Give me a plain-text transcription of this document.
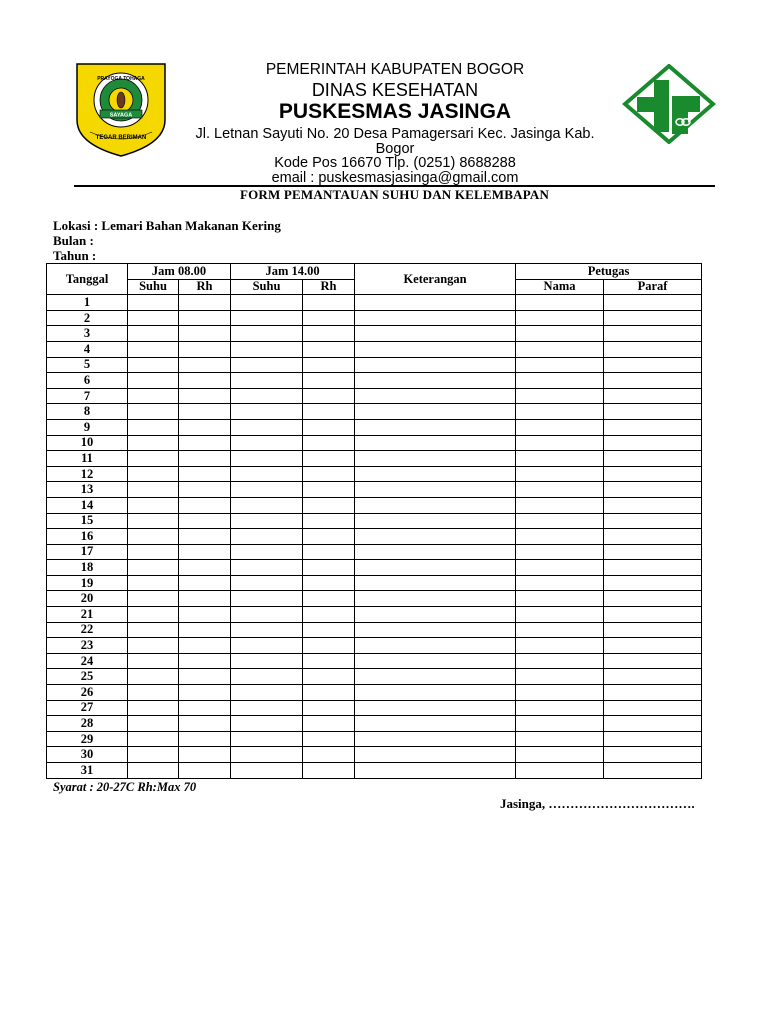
SAYAGA
PRAYOGA TOHAGA
TEGAR BERIMAN
PEMERINTAH KABUPATEN BOGOR
DINAS KESEHATAN
PUSKESMAS JASINGA
Jl. Letnan Sayuti No. 20 Desa Pamagersari Kec. Jasinga Kab.
Bogor
Kode Pos 16670 Tlp. (0251) 8688288
email : puskesmasjasinga@gmail.com
FORM PEMANTAUAN SUHU DAN KELEMBAPAN
Lokasi : Lemari Bahan Makanan Kering
Bulan :
Tahun :
Tanggal	Jam 08.00		Jam 14.00		Keterangan	Petugas	
	Suhu	Rh	Suhu	Rh		Nama	Paraf
1							
2							
3							
4							
5							
6							
7							
8							
9							
10							
11							
12							
13							
14							
15							
16							
17							
18							
19							
20							
21							
22							
23							
24							
25							
26							
27							
28							
29							
30							
31							
Syarat : 20-27C Rh:Max 70
Jasinga, …………………………….
